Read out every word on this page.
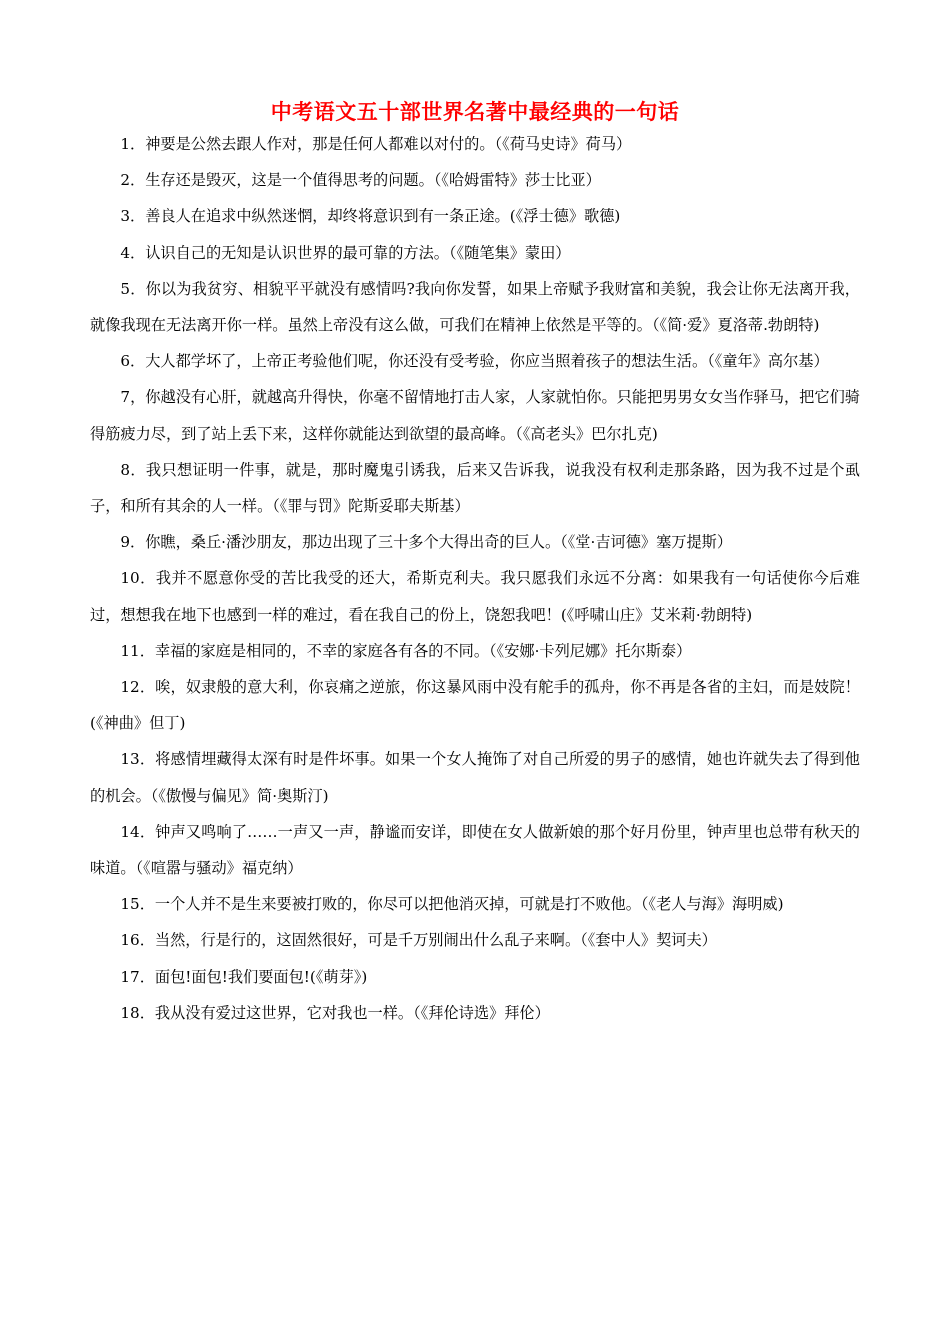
中考语文五十部世界名著中最经典的一句话

1．神要是公然去跟人作对，那是任何人都难以对付的。（《荷马史诗》荷马）

2．生存还是毁灭，这是一个值得思考的问题。（《哈姆雷特》莎士比亚）

3．善良人在追求中纵然迷惘，却终将意识到有一条正途。(《浮士德》歌德)

4．认识自己的无知是认识世界的最可靠的方法。（《随笔集》蒙田）

5．你以为我贫穷、相貌平平就没有感情吗?我向你发誓，如果上帝赋予我财富和美貌，我会让你无法离开我，就像我现在无法离开你一样。虽然上帝没有这么做，可我们在精神上依然是平等的。（《简·爱》夏洛蒂.勃朗特)

6．大人都学坏了，上帝正考验他们呢，你还没有受考验，你应当照着孩子的想法生活。（《童年》高尔基）

7，你越没有心肝，就越高升得快，你毫不留情地打击人家，人家就怕你。只能把男男女女当作驿马，把它们骑得筋疲力尽，到了站上丢下来，这样你就能达到欲望的最高峰。（《高老头》巴尔扎克)

8．我只想证明一件事，就是，那时魔鬼引诱我，后来又告诉我，说我没有权利走那条路，因为我不过是个虱子，和所有其余的人一样。（《罪与罚》陀斯妥耶夫斯基）

9．你瞧，桑丘·潘沙朋友，那边出现了三十多个大得出奇的巨人。（《堂·吉诃德》塞万提斯）

10．我并不愿意你受的苦比我受的还大，希斯克利夫。我只愿我们永远不分离：如果我有一句话使你今后难过，想想我在地下也感到一样的难过，看在我自己的份上，饶恕我吧！(《呼啸山庄》艾米莉·勃朗特)

11．幸福的家庭是相同的，不幸的家庭各有各的不同。（《安娜·卡列尼娜》托尔斯泰）

12．唉，奴隶般的意大利，你哀痛之逆旅，你这暴风雨中没有舵手的孤舟，你不再是各省的主妇，而是妓院！(《神曲》但丁)

13．将感情埋藏得太深有时是件坏事。如果一个女人掩饰了对自己所爱的男子的感情，她也许就失去了得到他的机会。（《傲慢与偏见》简·奥斯汀)

14．钟声又鸣响了……一声又一声，静谧而安详，即使在女人做新娘的那个好月份里，钟声里也总带有秋天的味道。（《喧嚣与骚动》福克纳）

15．一个人并不是生来要被打败的，你尽可以把他消灭掉，可就是打不败他。（《老人与海》海明威)

16．当然，行是行的，这固然很好，可是千万别闹出什么乱子来啊。（《套中人》契诃夫）

17．面包!面包!我们要面包!(《萌芽》)

18．我从没有爱过这世界，它对我也一样。（《拜伦诗选》拜伦）
